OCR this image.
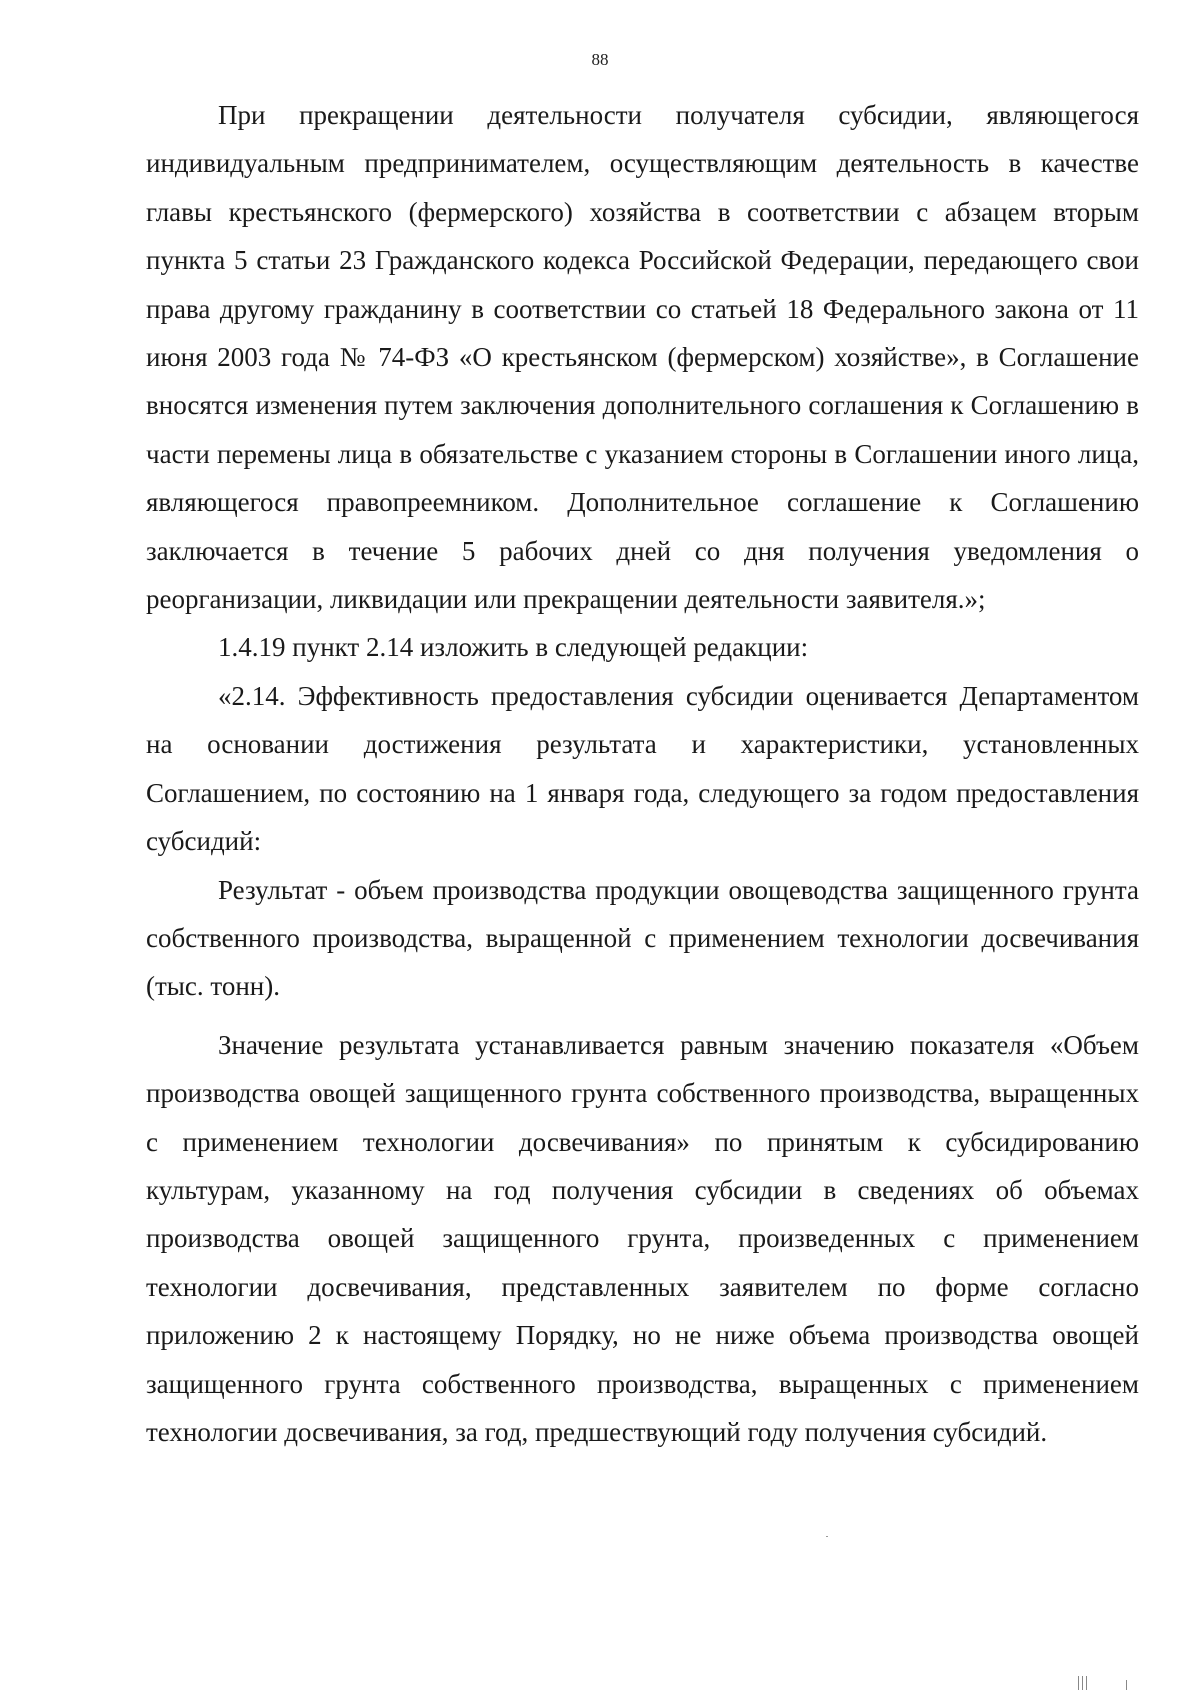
88

При прекращении деятельности получателя субсидии, являющегося индивидуальным предпринимателем, осуществляющим деятельность в качестве главы крестьянского (фермерского) хозяйства в соответствии с абзацем вторым пункта 5 статьи 23 Гражданского кодекса Российской Федерации, передающего свои права другому гражданину в соответствии со статьей 18 Федерального закона от 11 июня 2003 года № 74-ФЗ «О крестьянском (фермерском) хозяйстве», в Соглашение вносятся изменения путем заключения дополнительного соглашения к Соглашению в части перемены лица в обязательстве с указанием стороны в Соглашении иного лица, являющегося правопреемником. Дополнительное соглашение к Соглашению заключается в течение 5 рабочих дней со дня получения уведомления о реорганизации, ликвидации или прекращении деятельности заявителя.»;

1.4.19 пункт 2.14 изложить в следующей редакции:

«2.14. Эффективность предоставления субсидии оценивается Департаментом на основании достижения результата и характеристики, установленных Соглашением, по состоянию на 1 января года, следующего за годом предоставления субсидий:

Результат - объем производства продукции овощеводства защищенного грунта собственного производства, выращенной с применением технологии досвечивания (тыс. тонн).

Значение результата устанавливается равным значению показателя «Объем производства овощей защищенного грунта собственного производства, выращенных с применением технологии досвечивания» по принятым к субсидированию культурам, указанному на год получения субсидии в сведениях об объемах производства овощей защищенного грунта, произведенных с применением технологии досвечивания, представленных заявителем по форме согласно приложению 2 к настоящему Порядку, но не ниже объема производства овощей защищенного грунта собственного производства, выращенных с применением технологии досвечивания, за год, предшествующий году получения субсидий.
